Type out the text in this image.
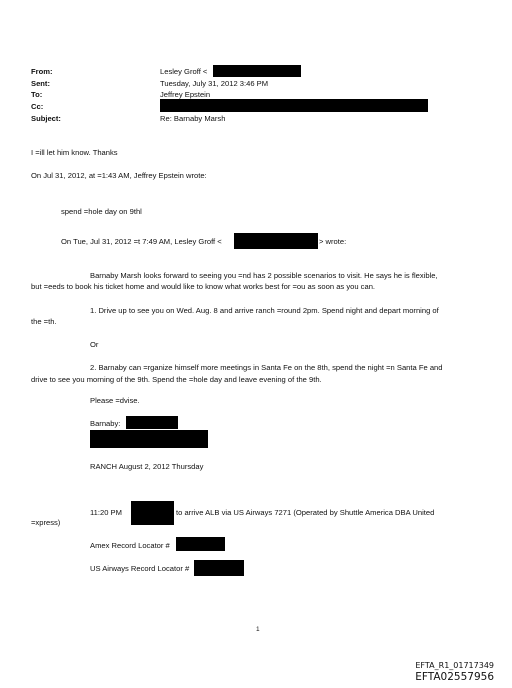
From:	Lesley Groff <
Sent:	Tuesday, July 31, 2012 3:46 PM
To:	Jeffrey Epstein
Cc:
Subject:	Re: Barnaby Marsh
I =ill let him know. Thanks
On Jul 31, 2012, at =1:43 AM, Jeffrey Epstein wrote:
spend =hole day on 9thl
On Tue, Jul 31, 2012 =t 7:49 AM, Lesley Groff <	> wrote:
Barnaby Marsh looks forward to seeing you =nd has 2 possible scenarios to visit. He says he is flexible,
but =eeds to book his ticket home and would like to know what works best for =ou as soon as you can.
1. Drive up to see you on Wed. Aug. 8 and arrive ranch =round 2pm. Spend night and depart morning of
the =th.
Or
2. Barnaby can =rganize himself more meetings in Santa Fe on the 8th, spend the night =n Santa Fe and
drive to see you morning of the 9th. Spend the =hole day and leave evening of the 9th.
Please =dvise.
Barnaby:
RANCH August 2, 2012 Thursday
11:20 PM	to arrive ALB via US Airways 7271 (Operated by Shuttle America DBA United
=xpress)
Amex Record Locator #
US Airways Record Locator #
1
EFTA_R1_01717349
EFTA02557956
